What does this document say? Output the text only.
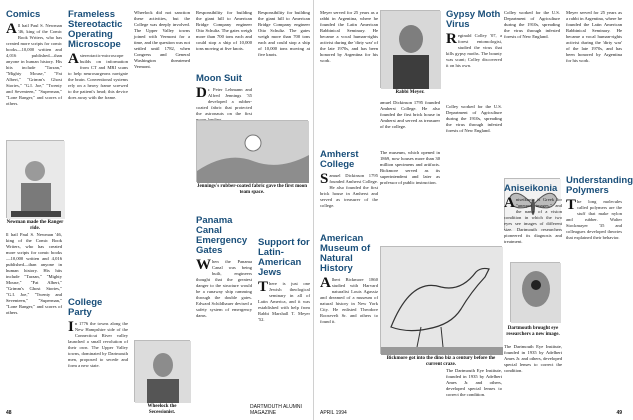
Comics
All hail Paul S. Newman '46, king of the Comic Book Writers, who has created more scripts for comic books—10,000 written and 4,016 published—than anyone in human history. His hits include "Tarzan," "Mighty Mouse," "Fat Albert," "Grimm's Ghost Stories," "G.I. Joe," "Twenty and Seventeen," "Superman," "Lone Ranger," and scores of others.
Newman made the Ranger ride.

ll hail Paul S. Newman '46, king of the Comic Book Writers, who has created more scripts for comic books—10,000 written and 4,016 published—than anyone in human history. His hits include "Tarzan," "Mighty Mouse," "Fat Albert," "Grimm's Ghost Stories," "G.I. Joe," "Twenty and Seventeen," "Superman," "Lone Ranger," and scores of others.

Frameless Stereotactic Operating Microscope
Astereotactic-microscope builds on information from CT and MRI scans to help neurosurgeons navigate the brain. Conventional systems rely on a heavy frame screwed to the patient's head; this device does away with the frame.
College Party
In 1776 the towns along the New Hampshire side of the Connecticut River valley launched a small revolution of their own. The Upper Valley towns, dominated by Dartmouth men, proposed to secede and form a new state.

Wheelock did not sanction these activities, but the College was deeply involved. The Upper Valley towns joined with Vermont for a time, and the question was not settled until 1782, when Congress and General Washington threatened Vermont.

Wheelock the Secessionist.

Responsibility for building the giant hill to American Bridge Company engineer Otto Schultz. The gates weigh more than 700 tons each and could stop a ship of 10,000 tons moving at five knots.

Moon Suit
Dr. Peter Lehmann and Alfred Jennings '35 developed a rubber-coated fabric that protected the astronauts on the first
Jennings's rubber-coated fabric gave the first moon team space.
Panama Canal Emergency Gates
When the Panama Canal was being built, engineers thought that the greatest danger to the structure would be a runaway ship ramming through the double gates. Edward Schildhauer devised a safety system of emergency dams.

Responsibility for building the giant hill to American Bridge Company engineer Otto Schultz. The gates weigh more than 700 tons each and could stop a ship of 10,000 tons moving at five knots.

Support for Latin-American Jews
There is just one Jewish theological seminary in all of Latin America, and it was established with help from Rabbi Marshall T. Meyer '52.
48
DARTMOUTH ALUMNI MAGAZINE

Meyer served for 25 years as a rabbi in Argentina, where he founded the Latin American Rabbinical Seminary. He became a vocal human-rights activist during the 'dirty war' of the late 1970s, and has been honored by Argentina for his work.

Rabbi Meyer.

amuel Dickinson 1795 founded Amherst College. He also founded the first brick house in Amherst and served as treasurer of the college.

Amherst College
Samuel Dickinson 1795 founded Amherst College. He also founded the first brick house in Amherst and served as treasurer of the college.
American Museum of Natural History
Albert Bickmore 1860 studied with Harvard naturalist Louis Agassiz and dreamed of a museum of natural history in New York City. He enlisted Theodore Roosevelt Sr. and others to found it.

The museum, which opened in 1869, now houses more than 30 million specimens and artifacts. Bickmore served as its superintendent and later as professor of public instruction.

Bickmore got into the dino biz a century before the current craze.
Gypsy Moth Virus
Reginald Colley '07, a forest entomologist, studied the virus that kills gypsy moths. The bounty was scant; Colley discovered it on his own.

Colley worked for the U.S. Department of Agriculture during the 1910s, spreading the virus through infested forests of New England.

The Dartmouth Eye Institute, founded in 1935 by Adelbert Ames Jr. and others, developed special lenses to correct the condition.

Colley worked for the U.S. Department of Agriculture during the 1910s, spreading the virus through infested forests of New England.

Aniseikonia
Aniseikonia is Greek for "unequal images," and the name of a vision condition in which the two eyes see images of different size. Dartmouth researchers pioneered its diagnosis and treatment.
Dartmouth brought eye researchers a new image.

The Dartmouth Eye Institute, founded in 1935 by Adelbert Ames Jr. and others, developed special lenses to correct the condition.

Meyer served for 25 years as a rabbi in Argentina, where he founded the Latin American Rabbinical Seminary. He became a vocal human-rights activist during the 'dirty war' of the late 1970s, and has been honored by Argentina for his work.

Understanding Polymers
The long molecules called polymers are the stuff that make nylon and rubber. Walter Stockmayer '35 and colleagues developed theories that explained their behavior.
APRIL 1994	49
